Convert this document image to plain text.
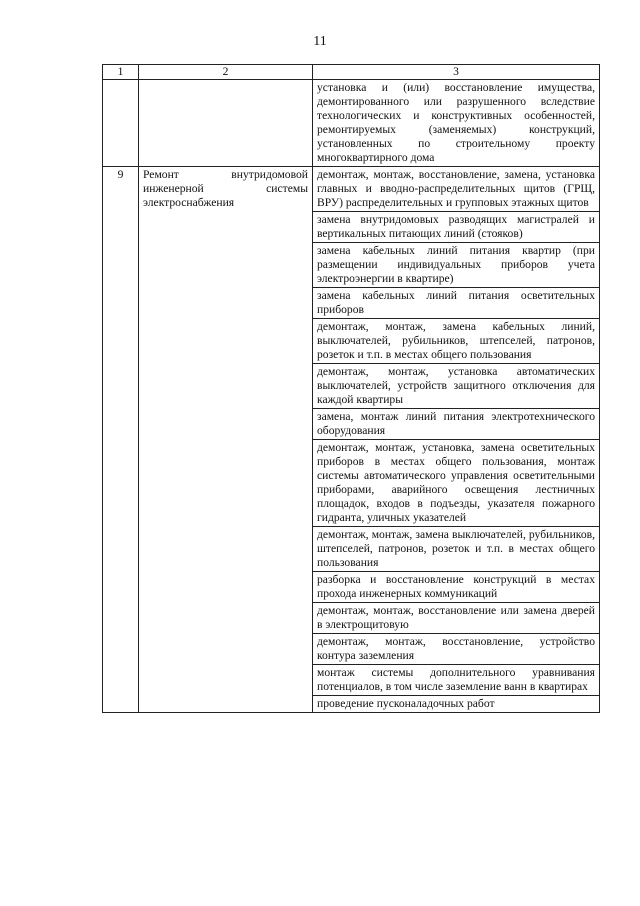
11
1	2	3
		установка и (или) восстановление имущества, демонтированного или разрушенного вследствие технологических и конструктивных особенностей, ремонтируемых (заменяемых) конструкций, установленных по строительному проекту многоквартирного дома
9	Ремонт внутридомовой инженерной системы электроснабжения	демонтаж, монтаж, восстановление, замена, установка главных и вводно-распределительных щитов (ГРЩ, ВРУ) распределительных и групповых этажных щитов
		замена внутридомовых разводящих магистралей и вертикальных питающих линий (стояков)
		замена кабельных линий питания квартир (при размещении индивидуальных приборов учета электроэнергии в квартире)
		замена кабельных линий питания осветительных приборов
		демонтаж, монтаж, замена кабельных линий, выключателей, рубильников, штепселей, патронов, розеток и т.п. в местах общего пользования
		демонтаж, монтаж, установка автоматических выключателей, устройств защитного отключения для каждой квартиры
		замена, монтаж линий питания электротехнического оборудования
		демонтаж, монтаж, установка, замена осветительных приборов в местах общего пользования, монтаж системы автоматического управления осветительными приборами, аварийного освещения лестничных площадок, входов в подъезды, указателя пожарного гидранта, уличных указателей
		демонтаж, монтаж, замена выключателей, рубильников, штепселей, патронов, розеток и т.п. в местах общего пользования
		разборка и восстановление конструкций в местах прохода инженерных коммуникаций
		демонтаж, монтаж, восстановление или замена дверей в электрощитовую
		демонтаж, монтаж, восстановление, устройство контура заземления
		монтаж системы дополнительного уравнивания потенциалов, в том числе заземление ванн в квартирах
		проведение пусконаладочных работ
